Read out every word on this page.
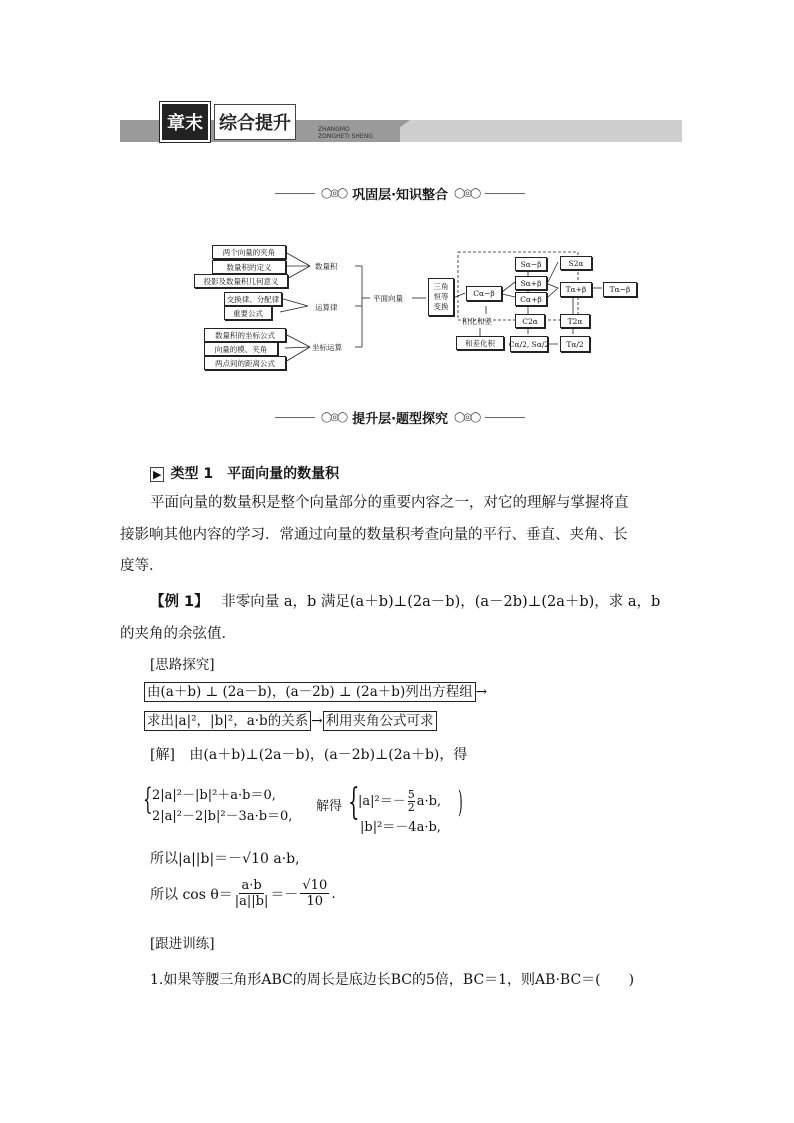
章末 综合提升	ZHANGMO
ZONGHETI SHENG
◯◎◯ 巩固层·知识整合 ◯◎◯
两个向量的夹角
数量积的定义
投影及数量积几何意义
交换律、分配律
重要公式
数量积的坐标公式
向量的模、夹角
两点间的距离公式
数量积
运算律
坐标运算
平面向量
三角
恒等
变换
Cα−β
Sα−β
Sα+β
Cα+β
S2α
Tα+β	Tα−β
C2α	T2α
积化和差
和差化积	Cα/2, Sα/2	Tα/2
◯◎◯ 提升层·题型探究 ◯◎◯
▶ 类型 1　平面向量的数量积
平面向量的数量积是整个向量部分的重要内容之一，对它的理解与掌握将直
接影响其他内容的学习．常通过向量的数量积考查向量的平行、垂直、夹角、长
度等．
【例 1】 非零向量 a，b 满足(a＋b)⊥(2a－b)，(a－2b)⊥(2a＋b)，求 a，b
的夹角的余弦值．
[思路探究]
由(a＋b) ⊥ (2a－b)，(a－2b) ⊥ (2a＋b)列出方程组 →
求出|a|²，|b|²，a·b的关系 → 利用夹角公式可求
[解] 由(a＋b)⊥(2a－b)，(a－2b)⊥(2a＋b)，得
{ 2|a|²－|b|²＋a·b＝0,
2|a|²－2|b|²－3a·b＝0,
解得 {
$|a|^2=- \frac{5}{2} a\cdot b$,
|b|²＝－4a·b,
)
所以|a||b|＝－√10 a·b,
所以 $\cos \theta= \frac{a\cdot b}{|a||b|} =- \frac{√10}{10}$ .
[跟进训练]
1.如果等腰三角形ABC的周长是底边长BC的5倍，BC＝1，则AB·BC＝(　　)
